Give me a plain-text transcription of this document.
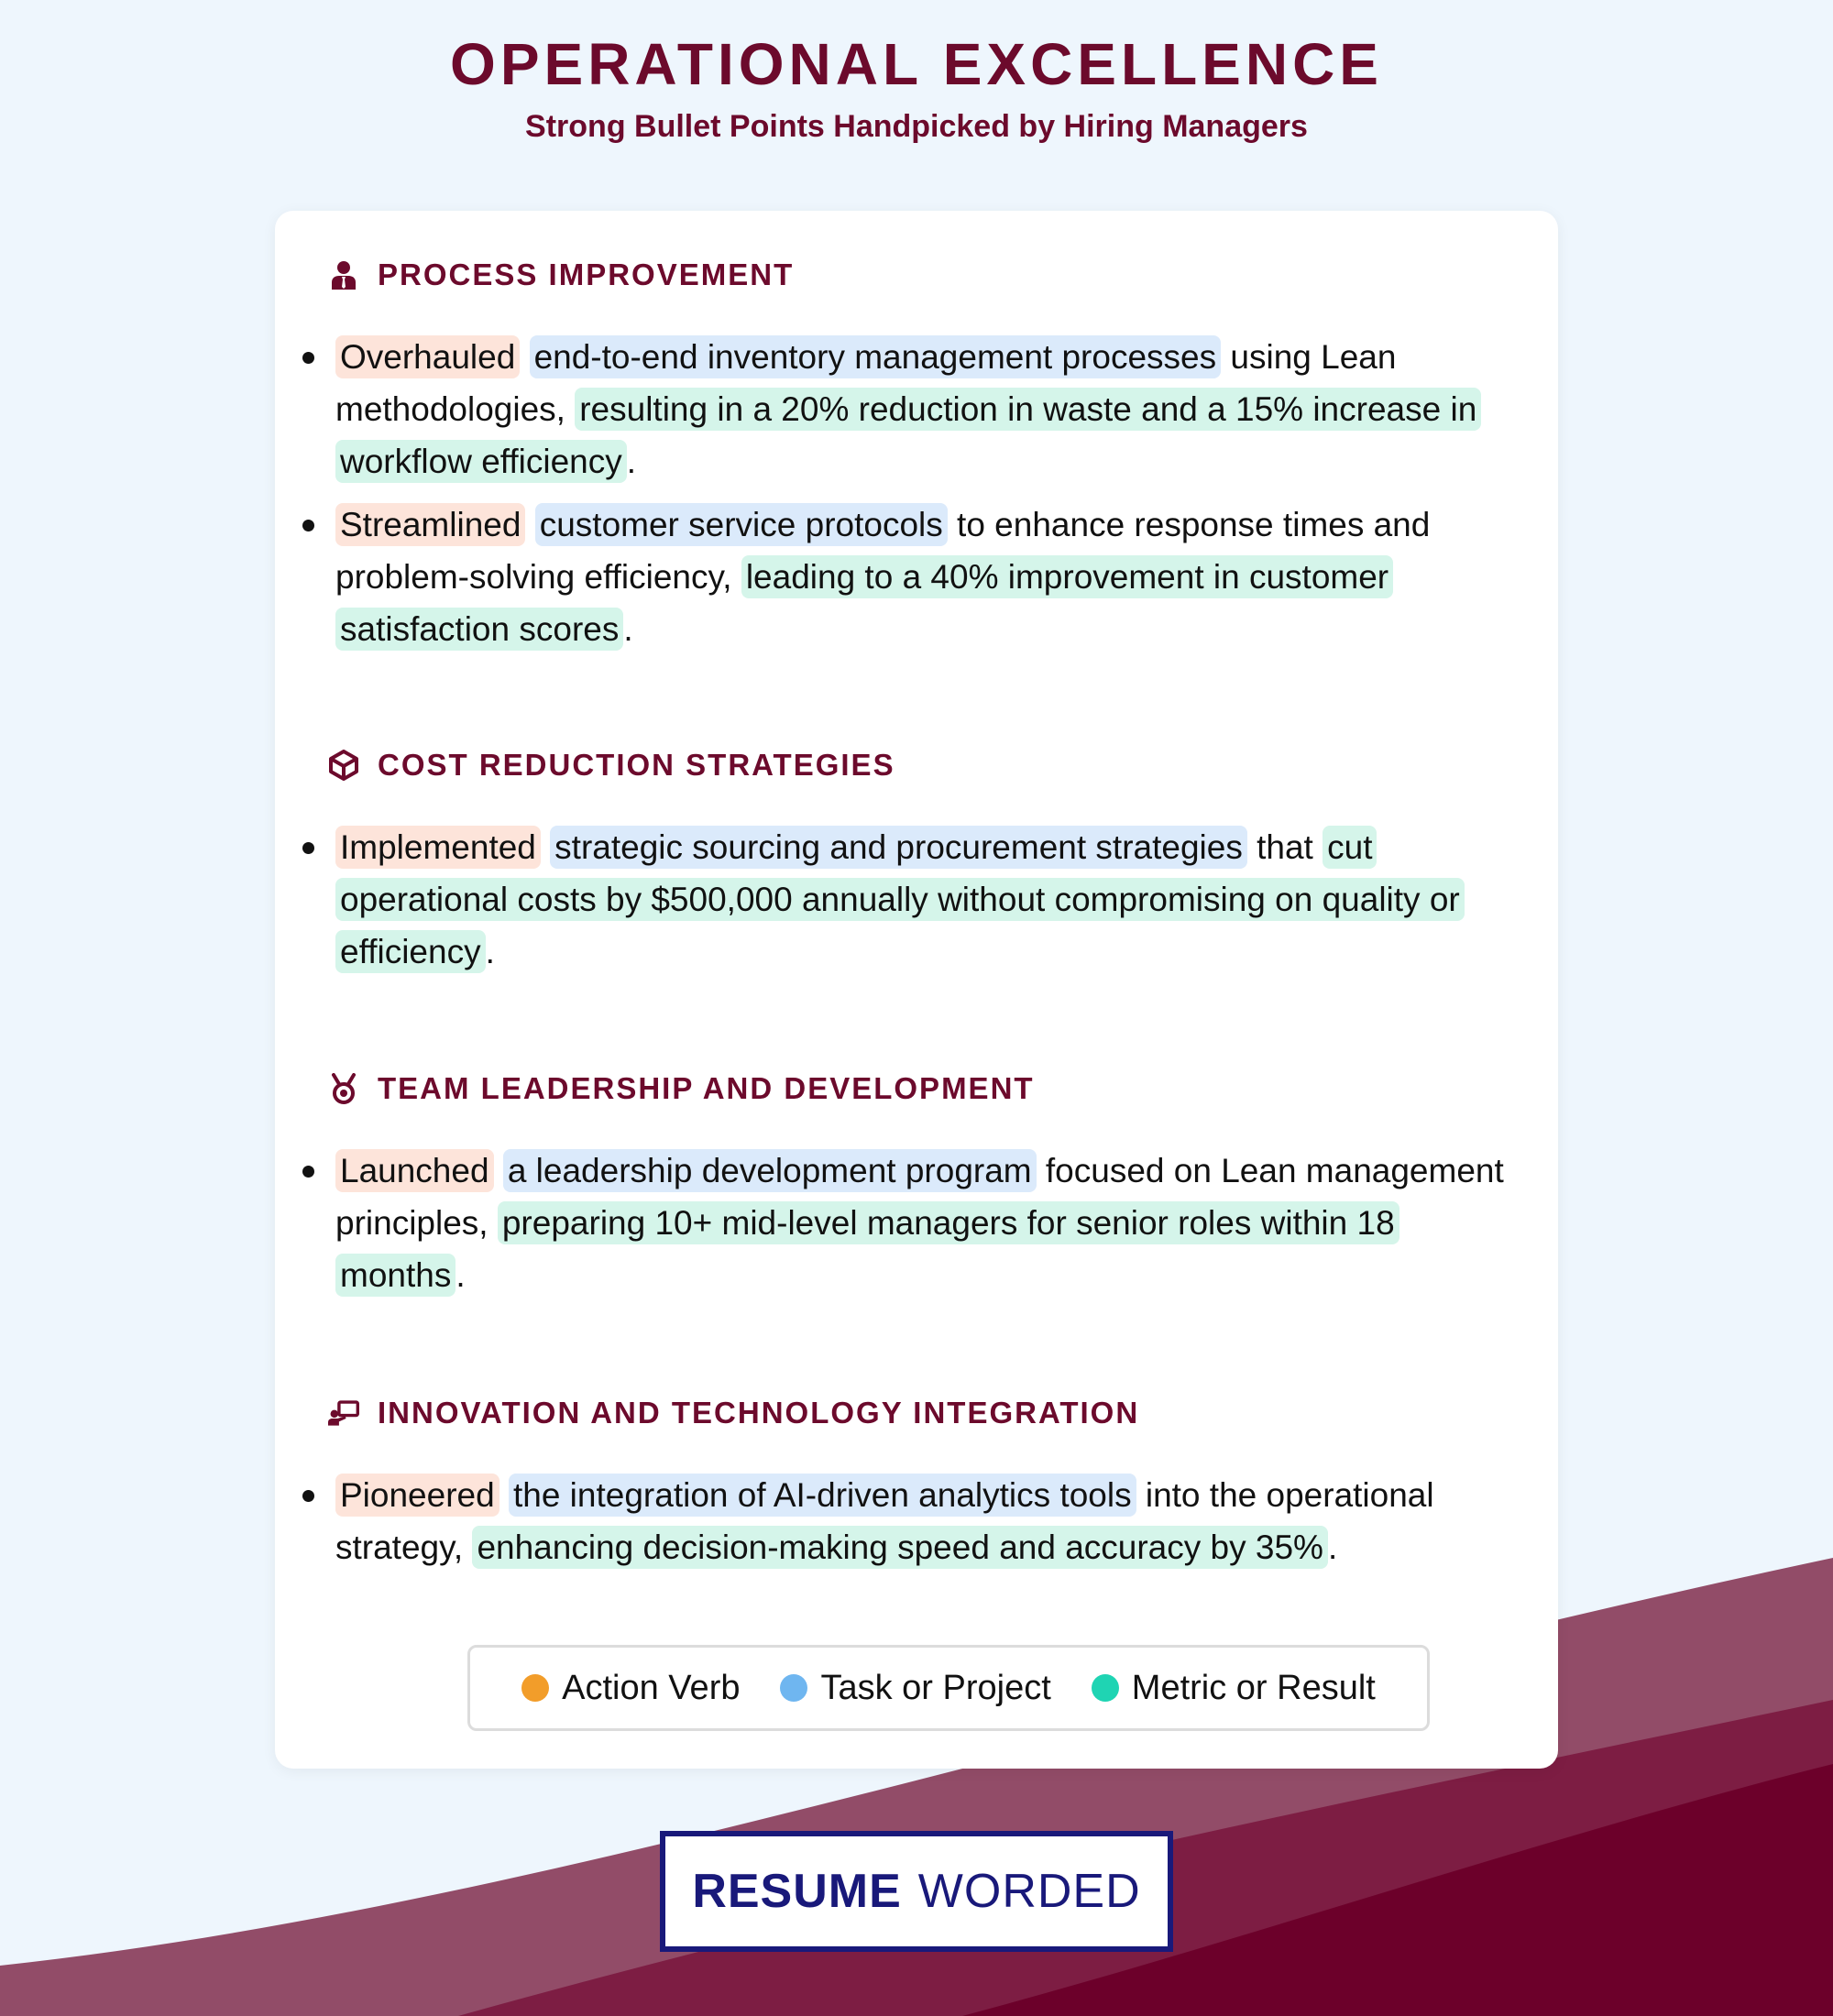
OPERATIONAL EXCELLENCE
Strong Bullet Points Handpicked by Hiring Managers
PROCESS IMPROVEMENT
Overhauled end-to-end inventory management processes using Lean methodologies, resulting in a 20% reduction in waste and a 15% increase in workflow efficiency .
Streamlined customer service protocols to enhance response times and problem-solving efficiency, leading to a 40% improvement in customer satisfaction scores .
COST REDUCTION STRATEGIES
Implemented strategic sourcing and procurement strategies that cut operational costs by $500,000 annually without compromising on quality or efficiency .
TEAM LEADERSHIP AND DEVELOPMENT
Launched a leadership development program focused on Lean management principles, preparing 10+ mid-level managers for senior roles within 18 months .
INNOVATION AND TECHNOLOGY INTEGRATION
Pioneered the integration of AI-driven analytics tools into the operational strategy, enhancing decision-making speed and accuracy by 35% .
Action Verb Task or Project Metric or Result
RESUME WORDED
